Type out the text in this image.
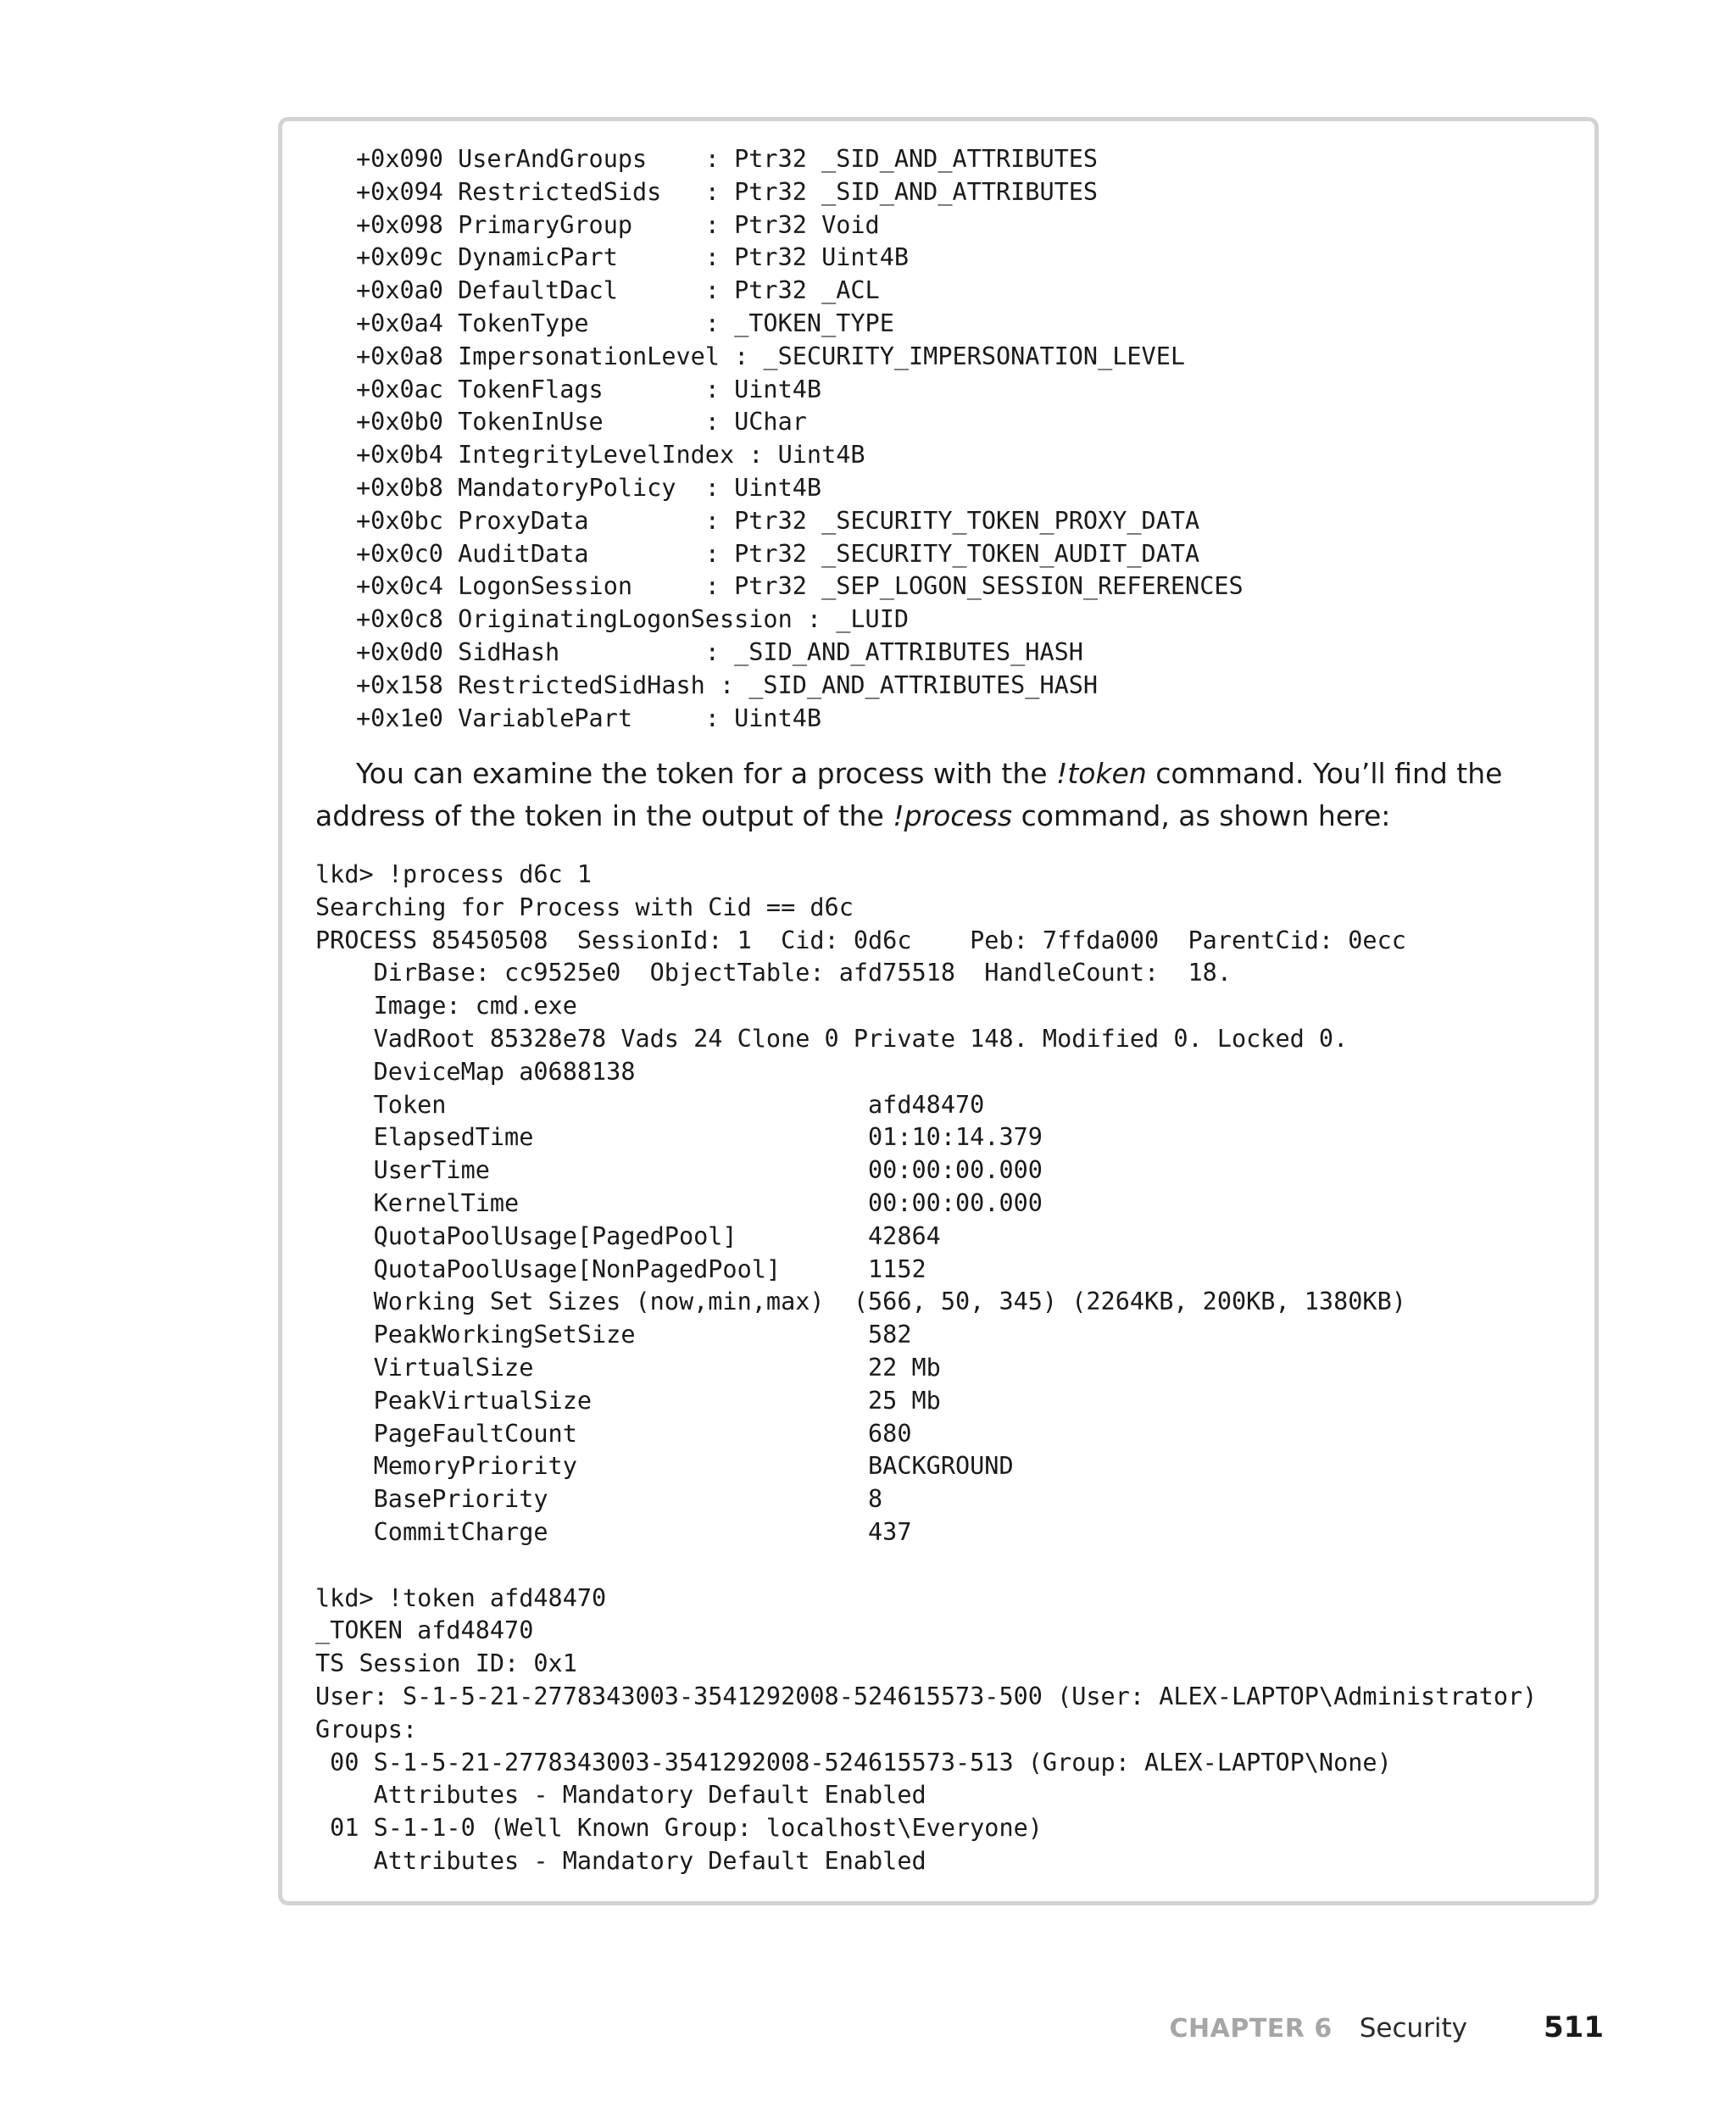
+0x090 UserAndGroups    : Ptr32 _SID_AND_ATTRIBUTES
+0x094 RestrictedSids   : Ptr32 _SID_AND_ATTRIBUTES
+0x098 PrimaryGroup     : Ptr32 Void
+0x09c DynamicPart      : Ptr32 Uint4B
+0x0a0 DefaultDacl      : Ptr32 _ACL
+0x0a4 TokenType        : _TOKEN_TYPE
+0x0a8 ImpersonationLevel : _SECURITY_IMPERSONATION_LEVEL
+0x0ac TokenFlags       : Uint4B
+0x0b0 TokenInUse       : UChar
+0x0b4 IntegrityLevelIndex : Uint4B
+0x0b8 MandatoryPolicy  : Uint4B
+0x0bc ProxyData        : Ptr32 _SECURITY_TOKEN_PROXY_DATA
+0x0c0 AuditData        : Ptr32 _SECURITY_TOKEN_AUDIT_DATA
+0x0c4 LogonSession     : Ptr32 _SEP_LOGON_SESSION_REFERENCES
+0x0c8 OriginatingLogonSession : _LUID
+0x0d0 SidHash          : _SID_AND_ATTRIBUTES_HASH
+0x158 RestrictedSidHash : _SID_AND_ATTRIBUTES_HASH
+0x1e0 VariablePart     : Uint4B

You can examine the token for a process with the !token command. You’ll find the address of the token in the output of the !process command, as shown here:

lkd> !process d6c 1
Searching for Process with Cid == d6c
PROCESS 85450508  SessionId: 1  Cid: 0d6c    Peb: 7ffda000  ParentCid: 0ecc
DirBase: cc9525e0  ObjectTable: afd75518  HandleCount:  18.
Image: cmd.exe
VadRoot 85328e78 Vads 24 Clone 0 Private 148. Modified 0. Locked 0.
DeviceMap a0688138
Token                             afd48470
ElapsedTime                       01:10:14.379
UserTime                          00:00:00.000
KernelTime                        00:00:00.000
QuotaPoolUsage[PagedPool]         42864
QuotaPoolUsage[NonPagedPool]      1152
Working Set Sizes (now,min,max)  (566, 50, 345) (2264KB, 200KB, 1380KB)
PeakWorkingSetSize                582
VirtualSize                       22 Mb
PeakVirtualSize                   25 Mb
PageFaultCount                    680
MemoryPriority                    BACKGROUND
BasePriority                      8
CommitCharge                      437
lkd> !token afd48470
_TOKEN afd48470
TS Session ID: 0x1
User: S-1-5-21-2778343003-3541292008-524615573-500 (User: ALEX-LAPTOP\Administrator)
Groups:
00 S-1-5-21-2778343003-3541292008-524615573-513 (Group: ALEX-LAPTOP\None)
Attributes - Mandatory Default Enabled
01 S-1-1-0 (Well Known Group: localhost\Everyone)
Attributes - Mandatory Default Enabled
CHAPTER 6 Security	511
